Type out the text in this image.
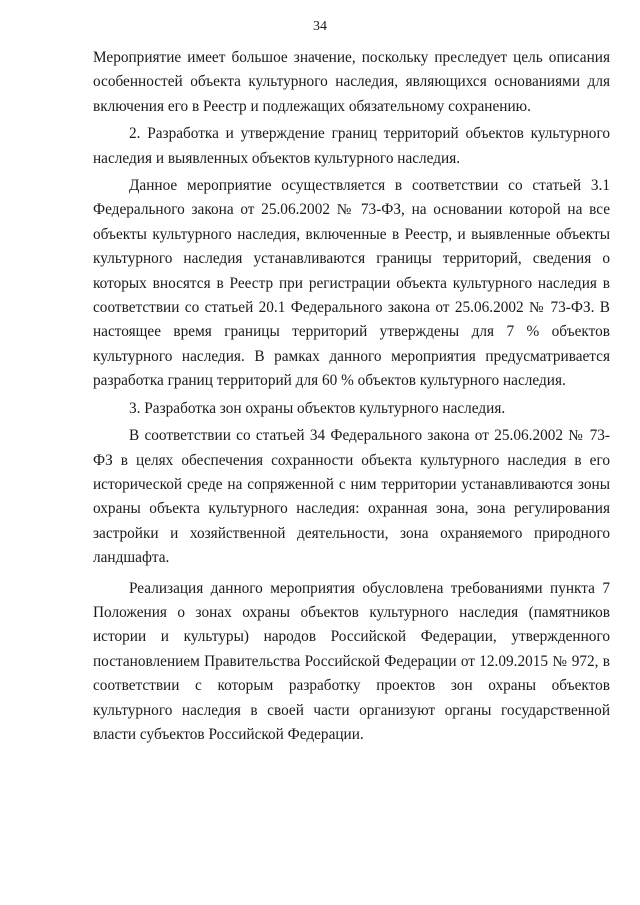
34

Мероприятие имеет большое значение, поскольку преследует цель описания особенностей объекта культурного наследия, являющихся основаниями для включения его в Реестр и подлежащих обязательному сохранению.

2. Разработка и утверждение границ территорий объектов культурного наследия и выявленных объектов культурного наследия.

Данное мероприятие осуществляется в соответствии со статьей 3.1 Федерального закона от 25.06.2002 № 73-ФЗ, на основании которой на все объекты культурного наследия, включенные в Реестр, и выявленные объекты культурного наследия устанавливаются границы территорий, сведения о которых вносятся в Реестр при регистрации объекта культурного наследия в соответствии со статьей 20.1 Федерального закона от 25.06.2002 № 73-ФЗ. В настоящее время границы территорий утверждены для 7 % объектов культурного наследия. В рамках данного мероприятия предусматривается разработка границ территорий для 60 % объектов культурного наследия.

3. Разработка зон охраны объектов культурного наследия.

В соответствии со статьей 34 Федерального закона от 25.06.2002 № 73-ФЗ в целях обеспечения сохранности объекта культурного наследия в его исторической среде на сопряженной с ним территории устанавливаются зоны охраны объекта культурного наследия: охранная зона, зона регулирования застройки и хозяйственной деятельности, зона охраняемого природного ландшафта.

Реализация данного мероприятия обусловлена требованиями пункта 7 Положения о зонах охраны объектов культурного наследия (памятников истории и культуры) народов Российской Федерации, утвержденного постановлением Правительства Российской Федерации от 12.09.2015 № 972, в соответствии с которым разработку проектов зон охраны объектов культурного наследия в своей части организуют органы государственной власти субъектов Российской Федерации.
